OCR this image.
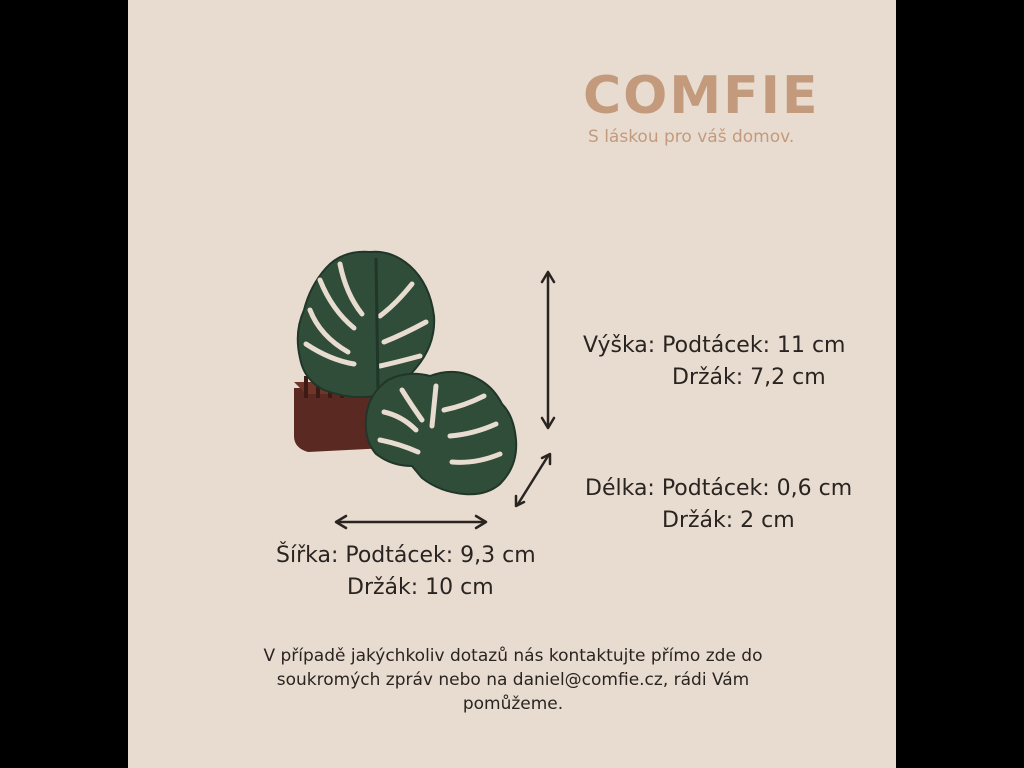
COMFIE
S láskou pro váš domov.
Výška: Podtácek: 11 cm
Držák: 7,2 cm
Délka: Podtácek: 0,6 cm
Držák: 2 cm
Šířka: Podtácek: 9,3 cm
Držák: 10 cm
V případě jakýchkoliv dotazů nás kontaktujte přímo zde do
soukromých zpráv nebo na daniel@comfie.cz, rádi Vám
pomůžeme.
